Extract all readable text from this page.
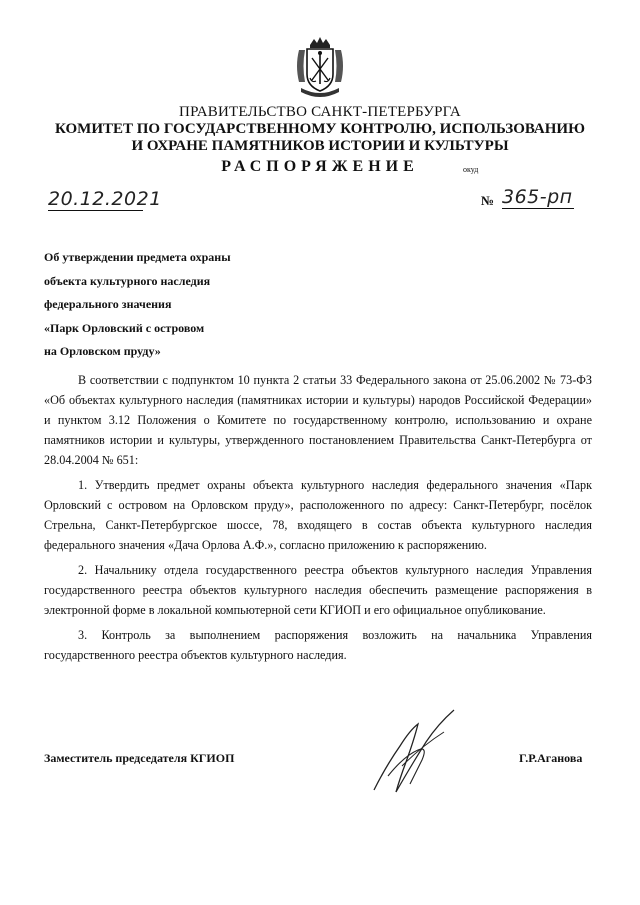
ПРАВИТЕЛЬСТВО САНКТ-ПЕТЕРБУРГА
КОМИТЕТ ПО ГОСУДАРСТВЕННОМУ КОНТРОЛЮ, ИСПОЛЬЗОВАНИЮ
И ОХРАНЕ ПАМЯТНИКОВ ИСТОРИИ И КУЛЬТУРЫ
РАСПОРЯЖЕНИЕ	окуд
20.12.2021	№ 365-рп
Об утверждении предмета охраны
объекта культурного наследия
федерального значения
«Парк Орловский с островом
на Орловском пруду»

В соответствии с подпунктом 10 пункта 2 статьи 33 Федерального закона от 25.06.2002 № 73-ФЗ «Об объектах культурного наследия (памятниках истории и культуры) народов Российской Федерации» и пунктом 3.12 Положения о Комитете по государственному контролю, использованию и охране памятников истории и культуры, утвержденного постановлением Правительства Санкт-Петербурга от 28.04.2004 № 651:

1. Утвердить предмет охраны объекта культурного наследия федерального значения «Парк Орловский с островом на Орловском пруду», расположенного по адресу: Санкт-Петербург, посёлок Стрельна, Санкт-Петербургское шоссе, 78, входящего в состав объекта культурного наследия федерального значения «Дача Орлова А.Ф.», согласно приложению к распоряжению.

2. Начальнику отдела государственного реестра объектов культурного наследия Управления государственного реестра объектов культурного наследия обеспечить размещение распоряжения в электронной форме в локальной компьютерной сети КГИОП и его официальное опубликование.

3. Контроль за выполнением распоряжения возложить на начальника Управления государственного реестра объектов культурного наследия.

Заместитель председателя КГИОП	Г.Р.Аганова
